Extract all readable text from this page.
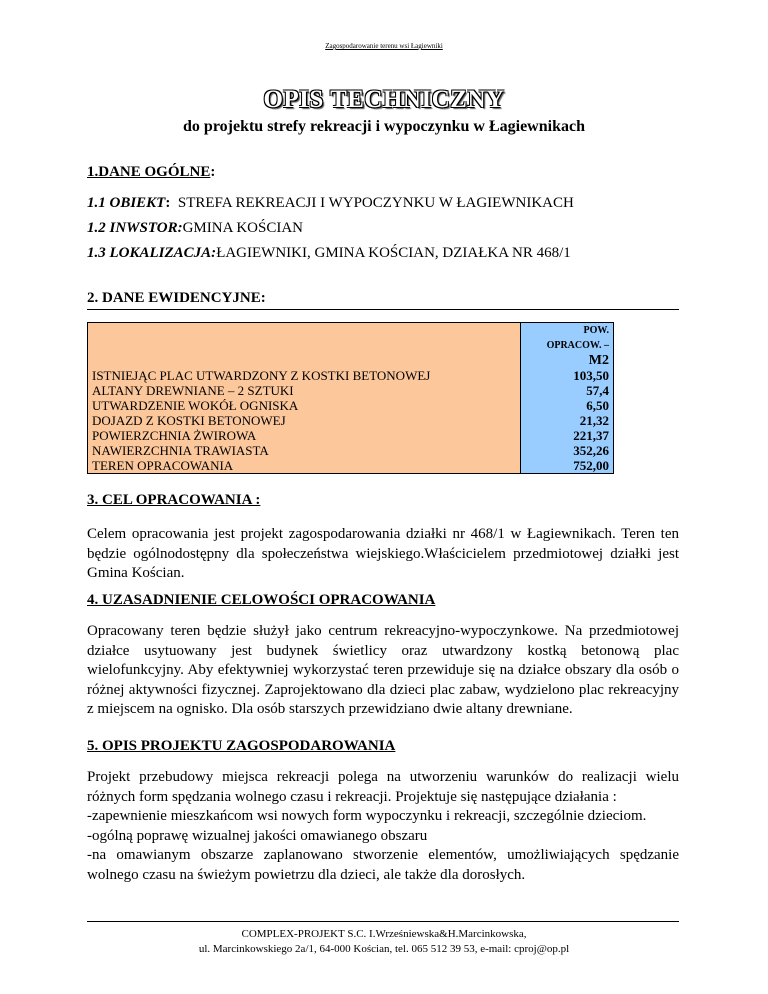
Zagospodarowanie terenu wsi Łagiewniki
OPIS TECHNICZNY
do projektu strefy rekreacji i wypoczynku w Łagiewnikach
1.DANE OGÓLNE:
1.1 OBIEKT:  STREFA REKREACJI I WYPOCZYNKU W ŁAGIEWNIKACH
1.2 INWSTOR:GMINA KOŚCIAN
1.3 LOKALIZACJA:ŁAGIEWNIKI, GMINA KOŚCIAN, DZIAŁKA NR 468/1
2. DANE EWIDENCYJNE:
	POW.
	OPRACOW. –
	M2
ISTNIEJĄC PLAC UTWARDZONY Z KOSTKI BETONOWEJ	103,50
ALTANY DREWNIANE – 2 SZTUKI	57,4
UTWARDZENIE WOKÓŁ OGNISKA	6,50
DOJAZD Z KOSTKI BETONOWEJ	21,32
POWIERZCHNIA ŻWIROWA	221,37
NAWIERZCHNIA TRAWIASTA	352,26
TEREN OPRACOWANIA	752,00
3. CEL OPRACOWANIA :
Celem opracowania jest projekt zagospodarowania działki nr 468/1 w Łagiewnikach. Teren ten będzie ogólnodostępny dla społeczeństwa wiejskiego.Właścicielem przedmiotowej działki jest Gmina Kościan.
4. UZASADNIENIE CELOWOŚCI OPRACOWANIA
Opracowany teren będzie służył jako centrum rekreacyjno-wypoczynkowe. Na przedmiotowej działce usytuowany jest budynek świetlicy oraz utwardzony kostką betonową plac wielofunkcyjny. Aby efektywniej wykorzystać teren przewiduje się na działce obszary dla osób o różnej aktywności fizycznej. Zaprojektowano dla dzieci plac zabaw, wydzielono plac rekreacyjny z miejscem na ognisko. Dla osób starszych przewidziano dwie altany drewniane.
5. OPIS PROJEKTU ZAGOSPODAROWANIA
Projekt przebudowy miejsca rekreacji polega na utworzeniu warunków do realizacji wielu różnych form spędzania wolnego czasu i rekreacji. Projektuje się następujące działania :
-zapewnienie mieszkańcom wsi nowych form wypoczynku i rekreacji, szczególnie dzieciom.
-ogólną poprawę wizualnej jakości omawianego obszaru
-na omawianym obszarze zaplanowano stworzenie elementów, umożliwiających spędzanie wolnego czasu na świeżym powietrzu dla dzieci, ale także dla dorosłych.
COMPLEX-PROJEKT S.C. I.Wrześniewska&H.Marcinkowska,
ul. Marcinkowskiego 2a/1, 64-000 Kościan, tel. 065 512 39 53, e-mail: cproj@op.pl
